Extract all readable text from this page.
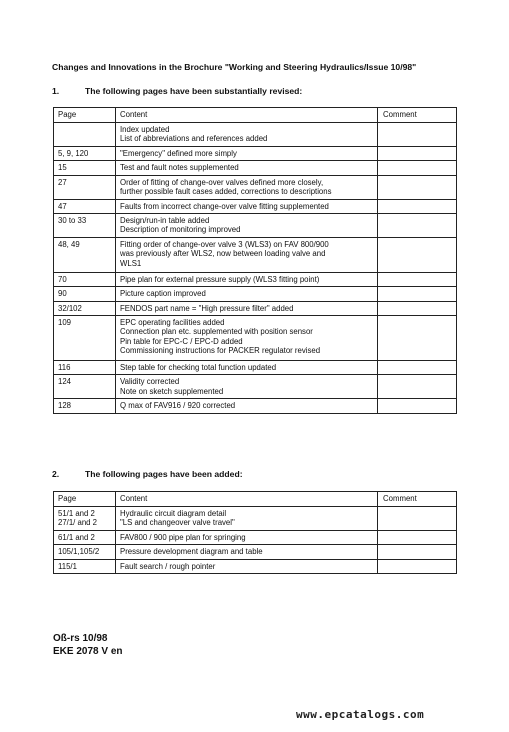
Changes and Innovations in the Brochure "Working and Steering Hydraulics/Issue 10/98"
1.	The following pages have been substantially revised:
Page	Content	Comment

	Index updated
List of abbreviations and references added	

5, 9, 120	"Emergency" defined more simply	

15	Test and fault notes supplemented	

27	Order of fitting of change-over valves defined more closely,
further possible fault cases added, corrections to descriptions	

47	Faults from incorrect change-over valve fitting supplemented	

30 to 33	Design/run-in table added
Description of monitoring improved	

48, 49	Fitting order of change-over valve 3 (WLS3) on FAV 800/900
was previously after WLS2, now between loading valve and
WLS1	

70	Pipe plan for external pressure supply (WLS3 fitting point)	

90	Picture caption improved	

32/102	FENDOS part name = "High pressure filter" added	

109	EPC operating facilities added
Connection plan etc. supplemented with position sensor
Pin table for EPC-C / EPC-D added
Commissioning instructions for PACKER regulator revised	

116	Step table for checking total function updated	

124	Validity corrected
Note on sketch supplemented	

128	Q max of FAV916 / 920 corrected	

2.	The following pages have been added:
Page	Content	Comment

51/1 and 2
27/1/ and 2	Hydraulic circuit diagram detail
"LS and changeover valve travel"	

61/1 and 2	FAV800 / 900 pipe plan for springing	

105/1,105/2	Pressure development diagram and table	

115/1	Fault search / rough pointer	

Oß-rs 10/98
EKE 2078 V en
www.epcatalogs.com
